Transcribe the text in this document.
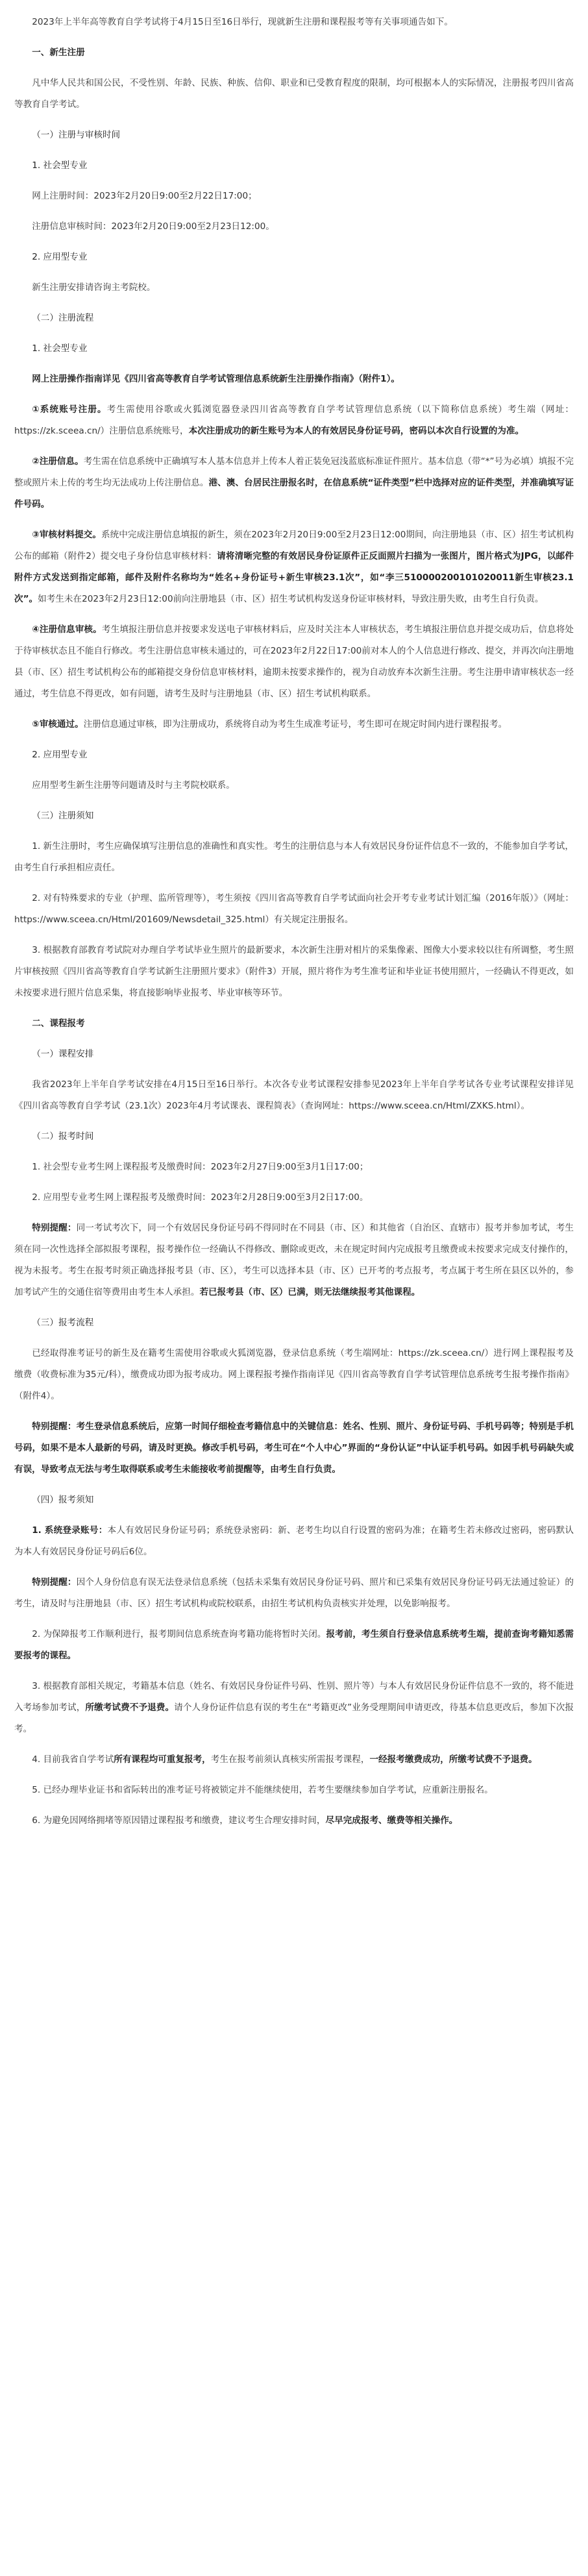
2023年上半年高等教育自学考试将于4月15日至16日举行，现就新生注册和课程报考等有关事项通告如下。

一、新生注册

凡中华人民共和国公民，不受性别、年龄、民族、种族、信仰、职业和已受教育程度的限制，均可根据本人的实际情况，注册报考四川省高等教育自学考试。

（一）注册与审核时间

1. 社会型专业

网上注册时间：2023年2月20日9:00至2月22日17:00；

注册信息审核时间：2023年2月20日9:00至2月23日12:00。

2. 应用型专业

新生注册安排请咨询主考院校。

（二）注册流程

1. 社会型专业

网上注册操作指南详见《四川省高等教育自学考试管理信息系统新生注册操作指南》（附件1）。

①系统账号注册。考生需使用谷歌或火狐浏览器登录四川省高等教育自学考试管理信息系统（以下简称信息系统）考生端（网址：https://zk.sceea.cn/）注册信息系统账号，本次注册成功的新生账号为本人的有效居民身份证号码，密码以本次自行设置的为准。

②注册信息。考生需在信息系统中正确填写本人基本信息并上传本人着正装免冠浅蓝底标准证件照片。基本信息（带“*”号为必填）填报不完整或照片未上传的考生均无法成功上传注册信息。港、澳、台居民注册报名时，在信息系统“证件类型”栏中选择对应的证件类型，并准确填写证件号码。

③审核材料提交。系统中完成注册信息填报的新生，须在2023年2月20日9:00至2月23日12:00期间，向注册地县（市、区）招生考试机构公布的邮箱（附件2）提交电子身份信息审核材料：请将清晰完整的有效居民身份证原件正反面照片扫描为一张图片，图片格式为JPG，以邮件附件方式发送到指定邮箱，邮件及附件名称均为“姓名+身份证号+新生审核23.1次”，如“李三510000200101020011新生审核23.1次”。如考生未在2023年2月23日12:00前向注册地县（市、区）招生考试机构发送身份证审核材料，导致注册失败，由考生自行负责。

④注册信息审核。考生填报注册信息并按要求发送电子审核材料后，应及时关注本人审核状态，考生填报注册信息并提交成功后，信息将处于待审核状态且不能自行修改。考生注册信息审核未通过的，可在2023年2月22日17:00前对本人的个人信息进行修改、提交，并再次向注册地县（市、区）招生考试机构公布的邮箱提交身份信息审核材料，逾期未按要求操作的，视为自动放弃本次新生注册。考生注册申请审核状态一经通过，考生信息不得更改，如有问题，请考生及时与注册地县（市、区）招生考试机构联系。

⑤审核通过。注册信息通过审核，即为注册成功，系统将自动为考生生成准考证号，考生即可在规定时间内进行课程报考。

2. 应用型专业

应用型考生新生注册等问题请及时与主考院校联系。

（三）注册须知

1. 新生注册时，考生应确保填写注册信息的准确性和真实性。考生的注册信息与本人有效居民身份证件信息不一致的，不能参加自学考试，由考生自行承担相应责任。

2. 对有特殊要求的专业（护理、监所管理等），考生须按《四川省高等教育自学考试面向社会开考专业考试计划汇编（2016年版）》（网址：https://www.sceea.cn/Html/201609/Newsdetail_325.html）有关规定注册报名。

3. 根据教育部教育考试院对办理自学考试毕业生照片的最新要求，本次新生注册对相片的采集像素、图像大小要求较以往有所调整，考生照片审核按照《四川省高等教育自学考试新生注册照片要求》（附件3）开展，照片将作为考生准考证和毕业证书使用照片，一经确认不得更改，如未按要求进行照片信息采集，将直接影响毕业报考、毕业审核等环节。

二、课程报考

（一）课程安排

我省2023年上半年自学考试安排在4月15日至16日举行。本次各专业考试课程安排参见2023年上半年自学考试各专业考试课程安排详见《四川省高等教育自学考试（23.1次）2023年4月考试课表、课程简表》（查询网址：https://www.sceea.cn/Html/ZXKS.html）。

（二）报考时间

1. 社会型专业考生网上课程报考及缴费时间：2023年2月27日9:00至3月1日17:00；

2. 应用型专业考生网上课程报考及缴费时间：2023年2月28日9:00至3月2日17:00。

特别提醒：同一考试考次下，同一个有效居民身份证号码不得同时在不同县（市、区）和其他省（自治区、直辖市）报考并参加考试，考生须在同一次性选择全部拟报考课程，报考操作位一经确认不得修改、删除或更改，未在规定时间内完成报考且缴费或未按要求完成支付操作的，视为未报考。考生在报考时须正确选择报考县（市、区），考生可以选择本县（市、区）已开考的考点报考，考点属于考生所在县区以外的，参加考试产生的交通住宿等费用由考生本人承担。若已报考县（市、区）已满，则无法继续报考其他课程。

（三）报考流程

已经取得准考证号的新生及在籍考生需使用谷歌或火狐浏览器，登录信息系统（考生端网址：https://zk.sceea.cn/）进行网上课程报考及缴费（收费标准为35元/科），缴费成功即为报考成功。网上课程报考操作指南详见《四川省高等教育自学考试管理信息系统考生报考操作指南》（附件4）。

特别提醒：考生登录信息系统后，应第一时间仔细检查考籍信息中的关键信息：姓名、性别、照片、身份证号码、手机号码等；特别是手机号码，如果不是本人最新的号码，请及时更换。修改手机号码，考生可在“个人中心”界面的“身份认证”中认证手机号码。如因手机号码缺失或有误，导致考点无法与考生取得联系或考生未能接收考前提醒等，由考生自行负责。

（四）报考须知

1. 系统登录账号：本人有效居民身份证号码；系统登录密码：新、老考生均以自行设置的密码为准；在籍考生若未修改过密码，密码默认为本人有效居民身份证号码后6位。

特别提醒：因个人身份信息有误无法登录信息系统（包括未采集有效居民身份证号码、照片和已采集有效居民身份证号码无法通过验证）的考生，请及时与注册地县（市、区）招生考试机构或院校联系，由招生考试机构负责核实并处理，以免影响报考。

2. 为保障报考工作顺利进行，报考期间信息系统查询考籍功能将暂时关闭。报考前，考生须自行登录信息系统考生端，提前查询考籍知悉需要报考的课程。

3. 根据教育部相关规定，考籍基本信息（姓名、有效居民身份证件号码、性别、照片等）与本人有效居民身份证件信息不一致的，将不能进入考场参加考试，所缴考试费不予退费。请个人身份证件信息有误的考生在“考籍更改”业务受理期间申请更改，待基本信息更改后，参加下次报考。

4. 目前我省自学考试所有课程均可重复报考，考生在报考前须认真核实所需报考课程，一经报考缴费成功，所缴考试费不予退费。

5. 已经办理毕业证书和省际转出的准考证号将被锁定并不能继续使用，若考生要继续参加自学考试，应重新注册报名。

6. 为避免因网络拥堵等原因错过课程报考和缴费，建议考生合理安排时间，尽早完成报考、缴费等相关操作。
